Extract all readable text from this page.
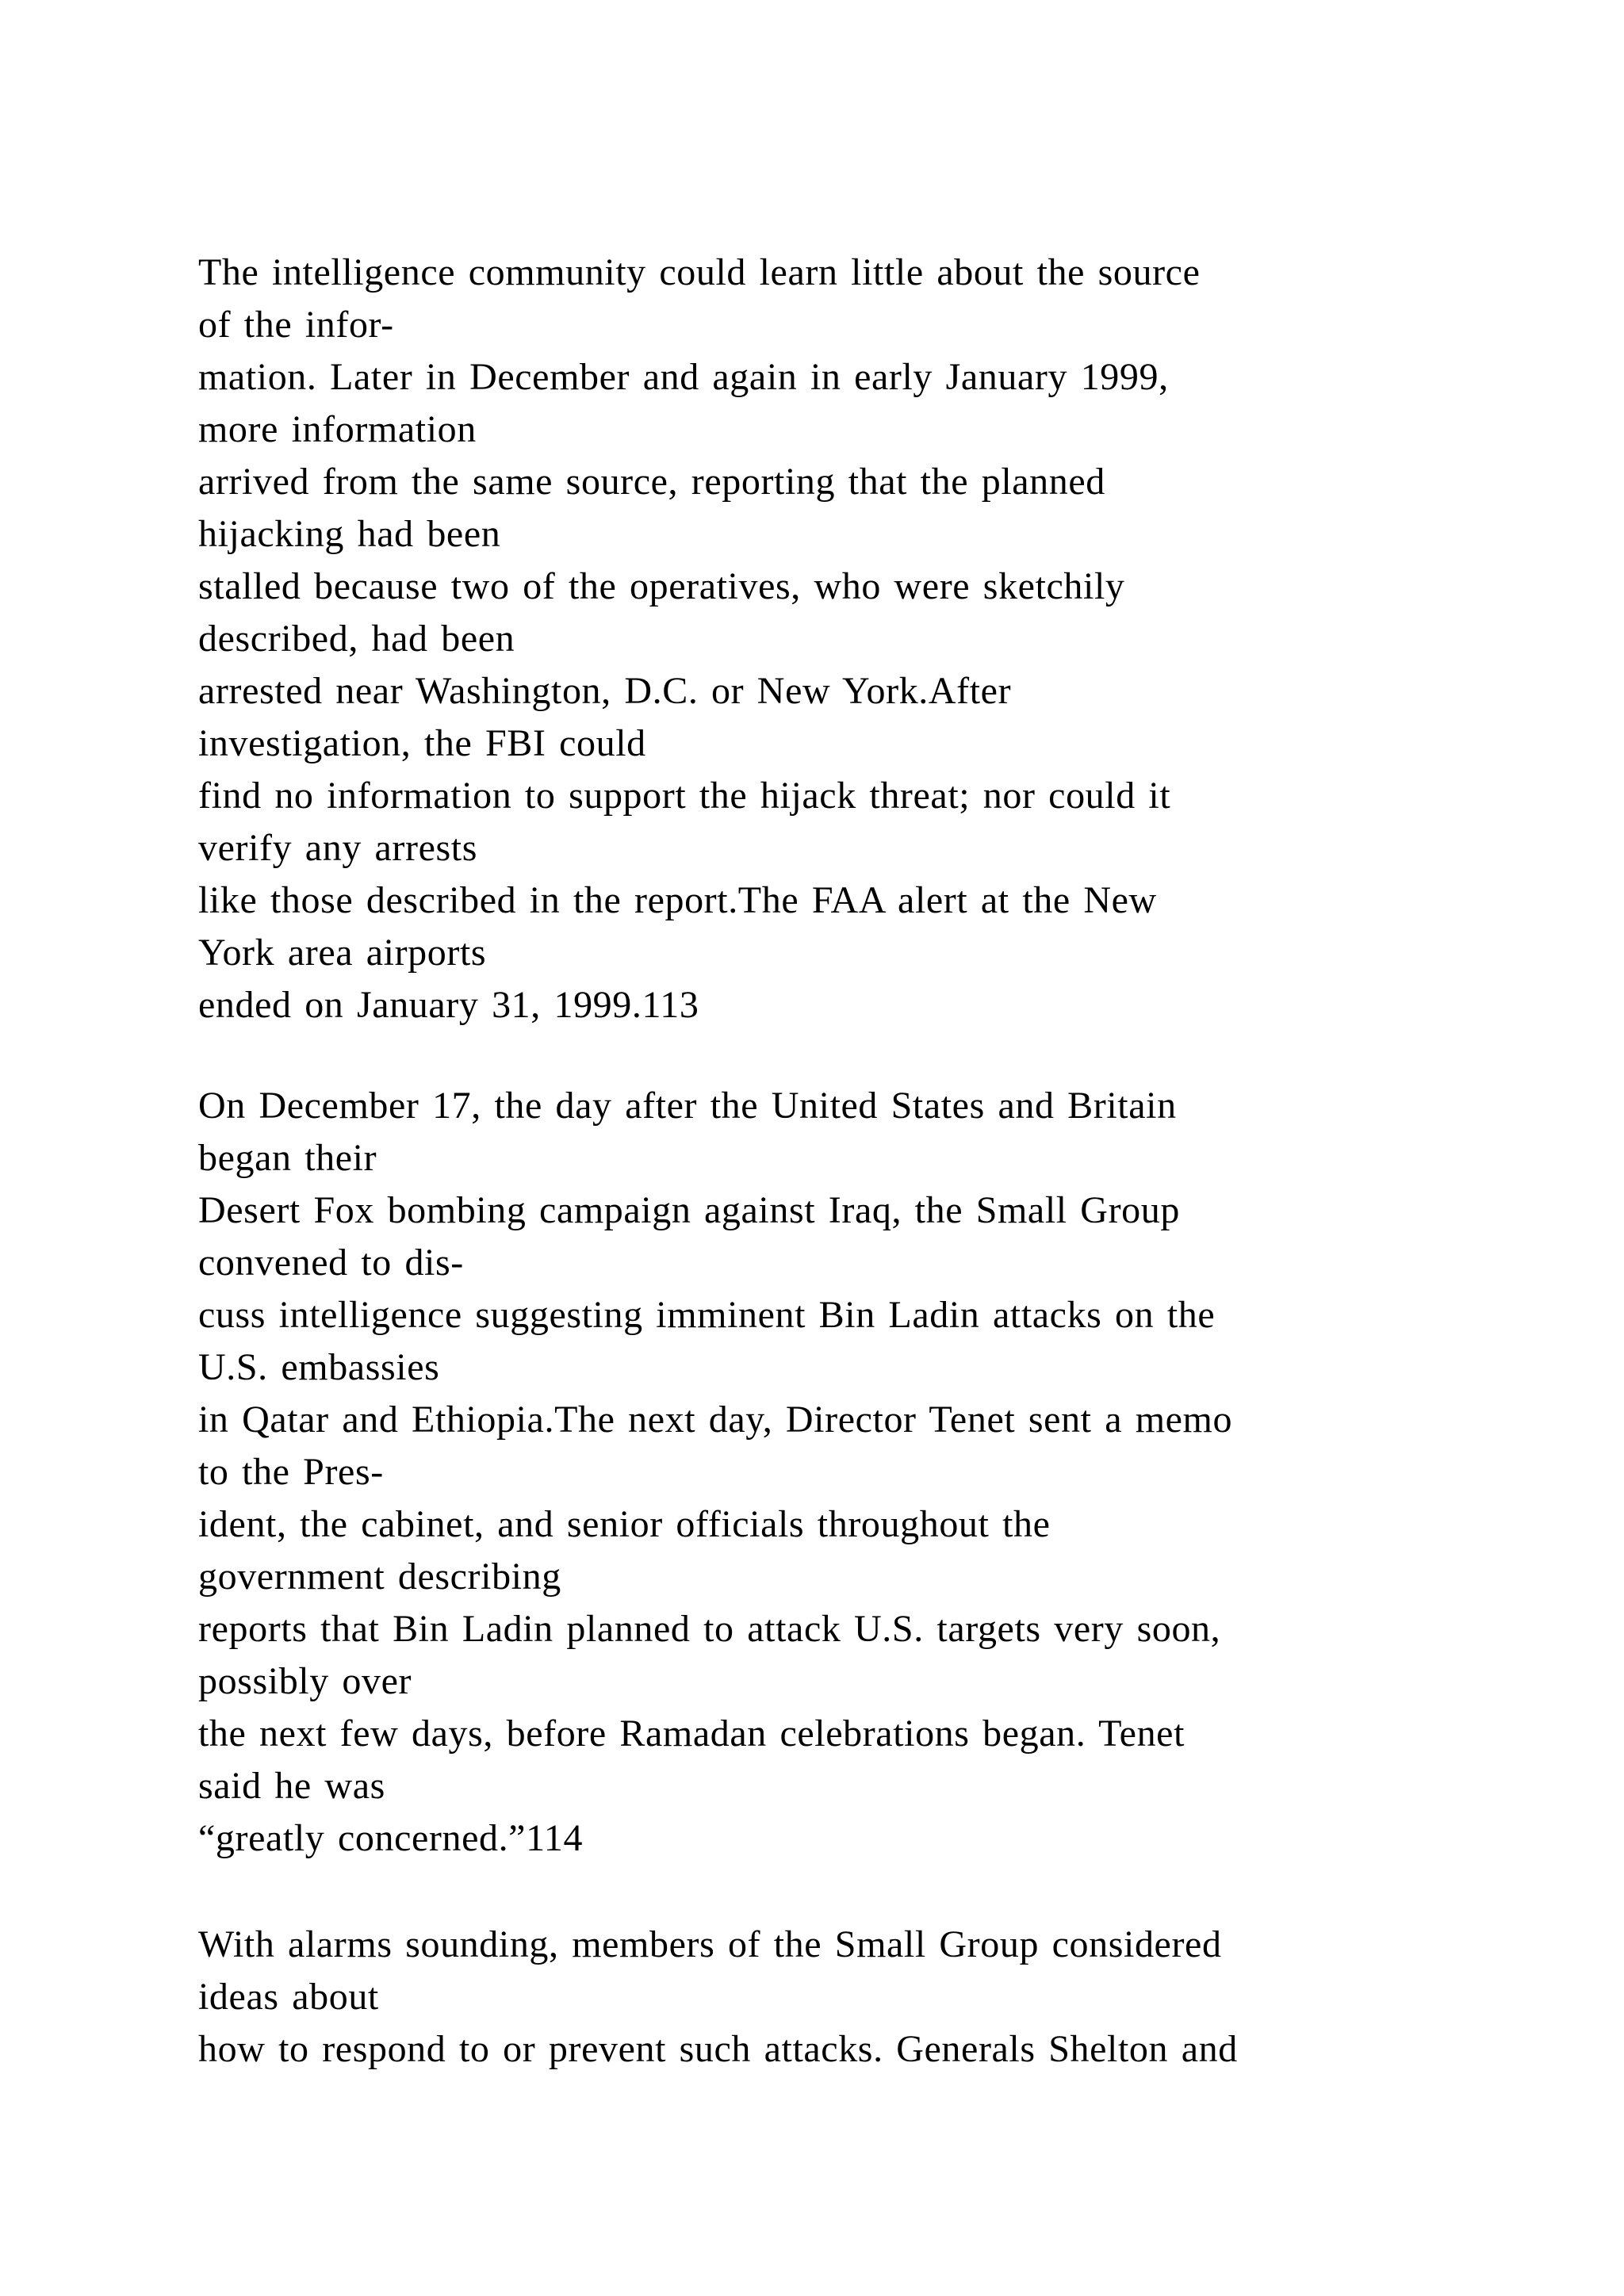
The intelligence community could learn little about the source
of the infor-
mation. Later in December and again in early January 1999,
more information
arrived from the same source, reporting that the planned
hijacking had been
stalled because two of the operatives, who were sketchily
described, had been
arrested near Washington, D.C. or New York.After
investigation, the FBI could
find no information to support the hijack threat; nor could it
verify any arrests
like those described in the report.The FAA alert at the New
York area airports
ended on January 31, 1999.113
On December 17, the day after the United States and Britain
began their
Desert Fox bombing campaign against Iraq, the Small Group
convened to dis-
cuss intelligence suggesting imminent Bin Ladin attacks on the
U.S. embassies
in Qatar and Ethiopia.The next day, Director Tenet sent a memo
to the Pres-
ident, the cabinet, and senior officials throughout the
government describing
reports that Bin Ladin planned to attack U.S. targets very soon,
possibly over
the next few days, before Ramadan celebrations began. Tenet
said he was
“greatly concerned.”114
With alarms sounding, members of the Small Group considered
ideas about
how to respond to or prevent such attacks. Generals Shelton and
